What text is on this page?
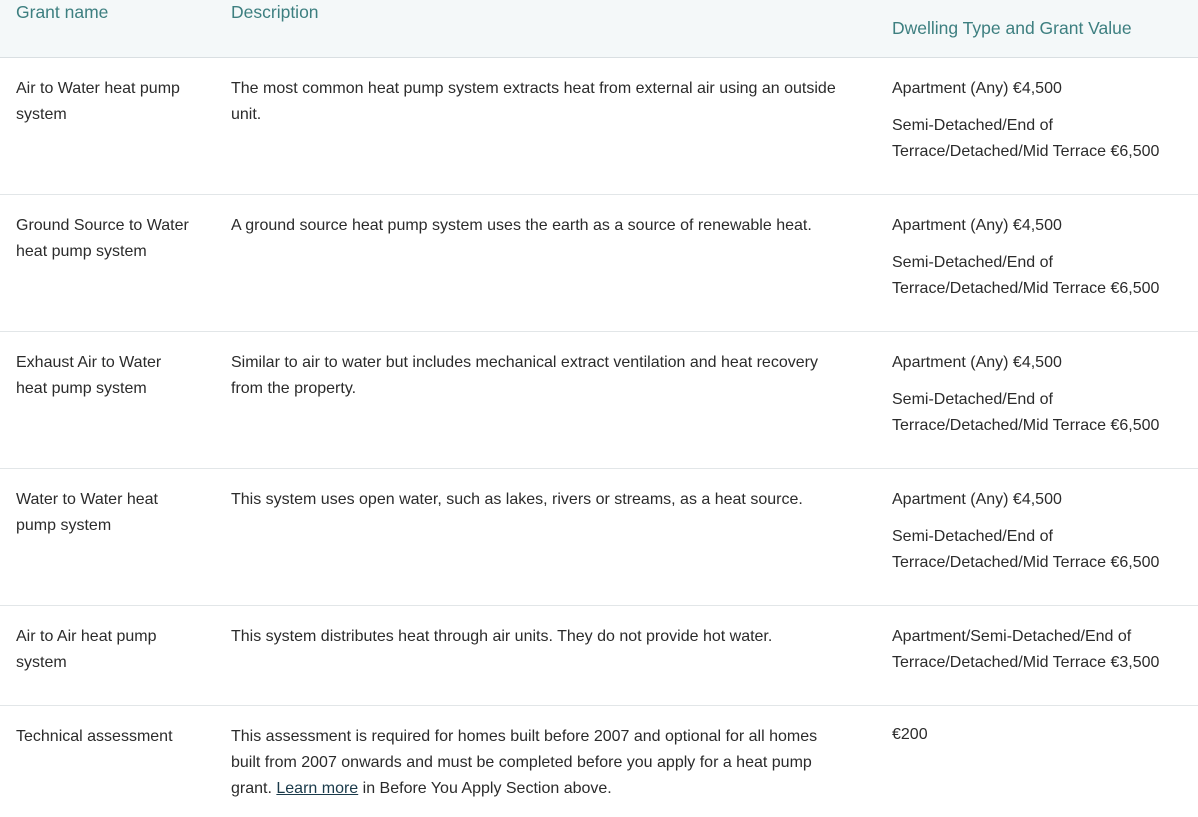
Grant name	Description	Dwelling Type and Grant Value
Air to Water heat pump system	The most common heat pump system extracts heat from external air using an outside unit.	Apartment (Any) €4,500
Semi-Detached/End of Terrace/Detached/Mid Terrace €6,500

Ground Source to Water heat pump system	A ground source heat pump system uses the earth as a source of renewable heat.	Apartment (Any) €4,500
Semi-Detached/End of Terrace/Detached/Mid Terrace €6,500

Exhaust Air to Water heat pump system	Similar to air to water but includes mechanical extract ventilation and heat recovery from the property.	Apartment (Any) €4,500
Semi-Detached/End of Terrace/Detached/Mid Terrace €6,500

Water to Water heat pump system	This system uses open water, such as lakes, rivers or streams, as a heat source.	Apartment (Any) €4,500
Semi-Detached/End of Terrace/Detached/Mid Terrace €6,500

Air to Air heat pump system	This system distributes heat through air units. They do not provide hot water.	Apartment/Semi-Detached/End of Terrace/Detached/Mid Terrace €3,500

Technical assessment	This assessment is required for homes built before 2007 and optional for all homes built from 2007 onwards and must be completed before you apply for a heat pump grant. Learn more in Before You Apply Section above.	€200
